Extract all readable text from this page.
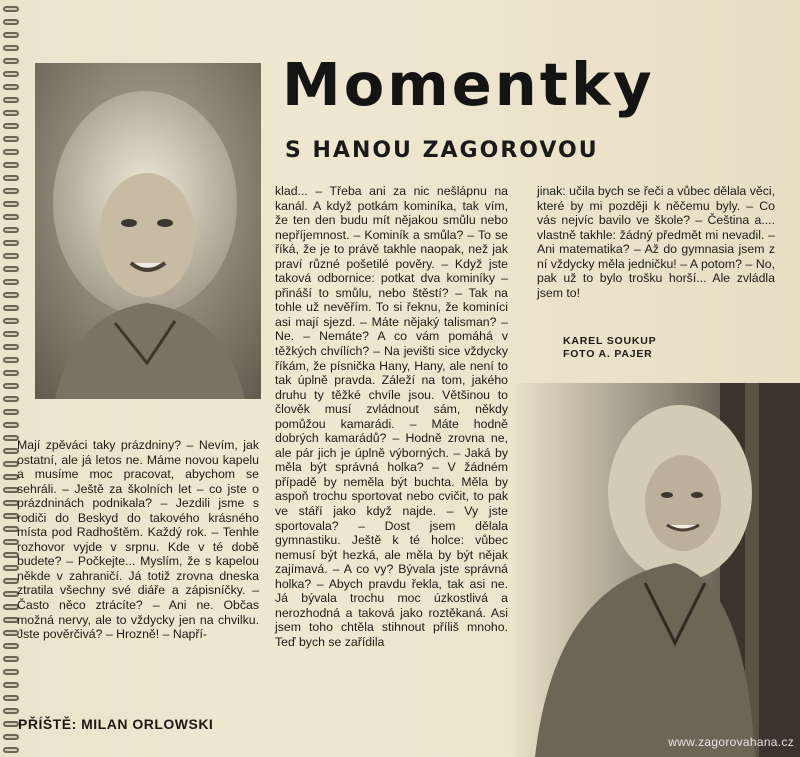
Momentky
S HANOU ZAGOROVOU

Mají zpěváci taky prázdniny? – Nevím, jak ostatní, ale já letos ne. Máme novou kapelu a musíme moc pracovat, abychom se sehráli. – Ještě za školních let – co jste o prázdninách podnikala? – Jezdili jsme s rodiči do Beskyd do takového krásného místa pod Radhoštěm. Každý rok. – Tenhle rozhovor vyjde v srpnu. Kde v té době budete? – Počkejte... Myslím, že s kapelou někde v zahraničí. Já totiž zrovna dneska ztratila všechny své diáře a zápisníčky. – Často něco ztrácíte? – Ani ne. Občas možná nervy, ale to vždycky jen na chvilku. Jste pověrčivá? – Hrozně! – Napří-

klad... – Třeba ani za nic nešlápnu na kanál. A když potkám kominíka, tak vím, že ten den budu mít nějakou smůlu nebo nepříjemnost. – Kominík a smůla? – To se říká, že je to právě takhle naopak, než jak praví různé pošetilé pověry. – Když jste taková odbornice: potkat dva kominíky – přináší to smůlu, nebo štěstí? – Tak na tohle už nevěřím. To si řeknu, že kominíci asi mají sjezd. – Máte nějaký talisman? – Ne. – Nemáte? A co vám pomáhá v těžkých chvílích? – Na jevišti sice vždycky říkám, že písnička Hany, Hany, ale není to tak úplně pravda. Záleží na tom, jakého druhu ty těžké chvíle jsou. Většinou to člověk musí zvládnout sám, někdy pomůžou kamarádi. – Máte hodně dobrých kamarádů? – Hodně zrovna ne, ale pár jich je úplně výborných. – Jaká by měla být správná holka? – V žádném případě by neměla být buchta. Měla by aspoň trochu sportovat nebo cvičit, to pak ve stáří jako když najde. – Vy jste sportovala? – Dost jsem dělala gymnastiku. Ještě k té holce: vůbec nemusí být hezká, ale měla by být nějak zajímavá. – A co vy? Bývala jste správná holka? – Abych pravdu řekla, tak asi ne. Já bývala trochu moc úzkostlivá a nerozhodná a taková jako roztěkaná. Asi jsem toho chtěla stihnout příliš mnoho. Teď bych se zařídila

jinak: učila bych se řeči a vůbec dělala věci, které by mi později k něčemu byly. – Co vás nejvíc bavilo ve škole? – Čeština a.... vlastně takhle: žádný předmět mi nevadil. – Ani matematika? – Až do gymnasia jsem z ní vždycky měla jedničku! – A potom? – No, pak už to bylo trošku horší... Ale zvládla jsem to!

KAREL SOUKUP
FOTO A. PAJER
PŘÍŠTĚ: MILAN ORLOWSKI
www.zagorovahana.cz
